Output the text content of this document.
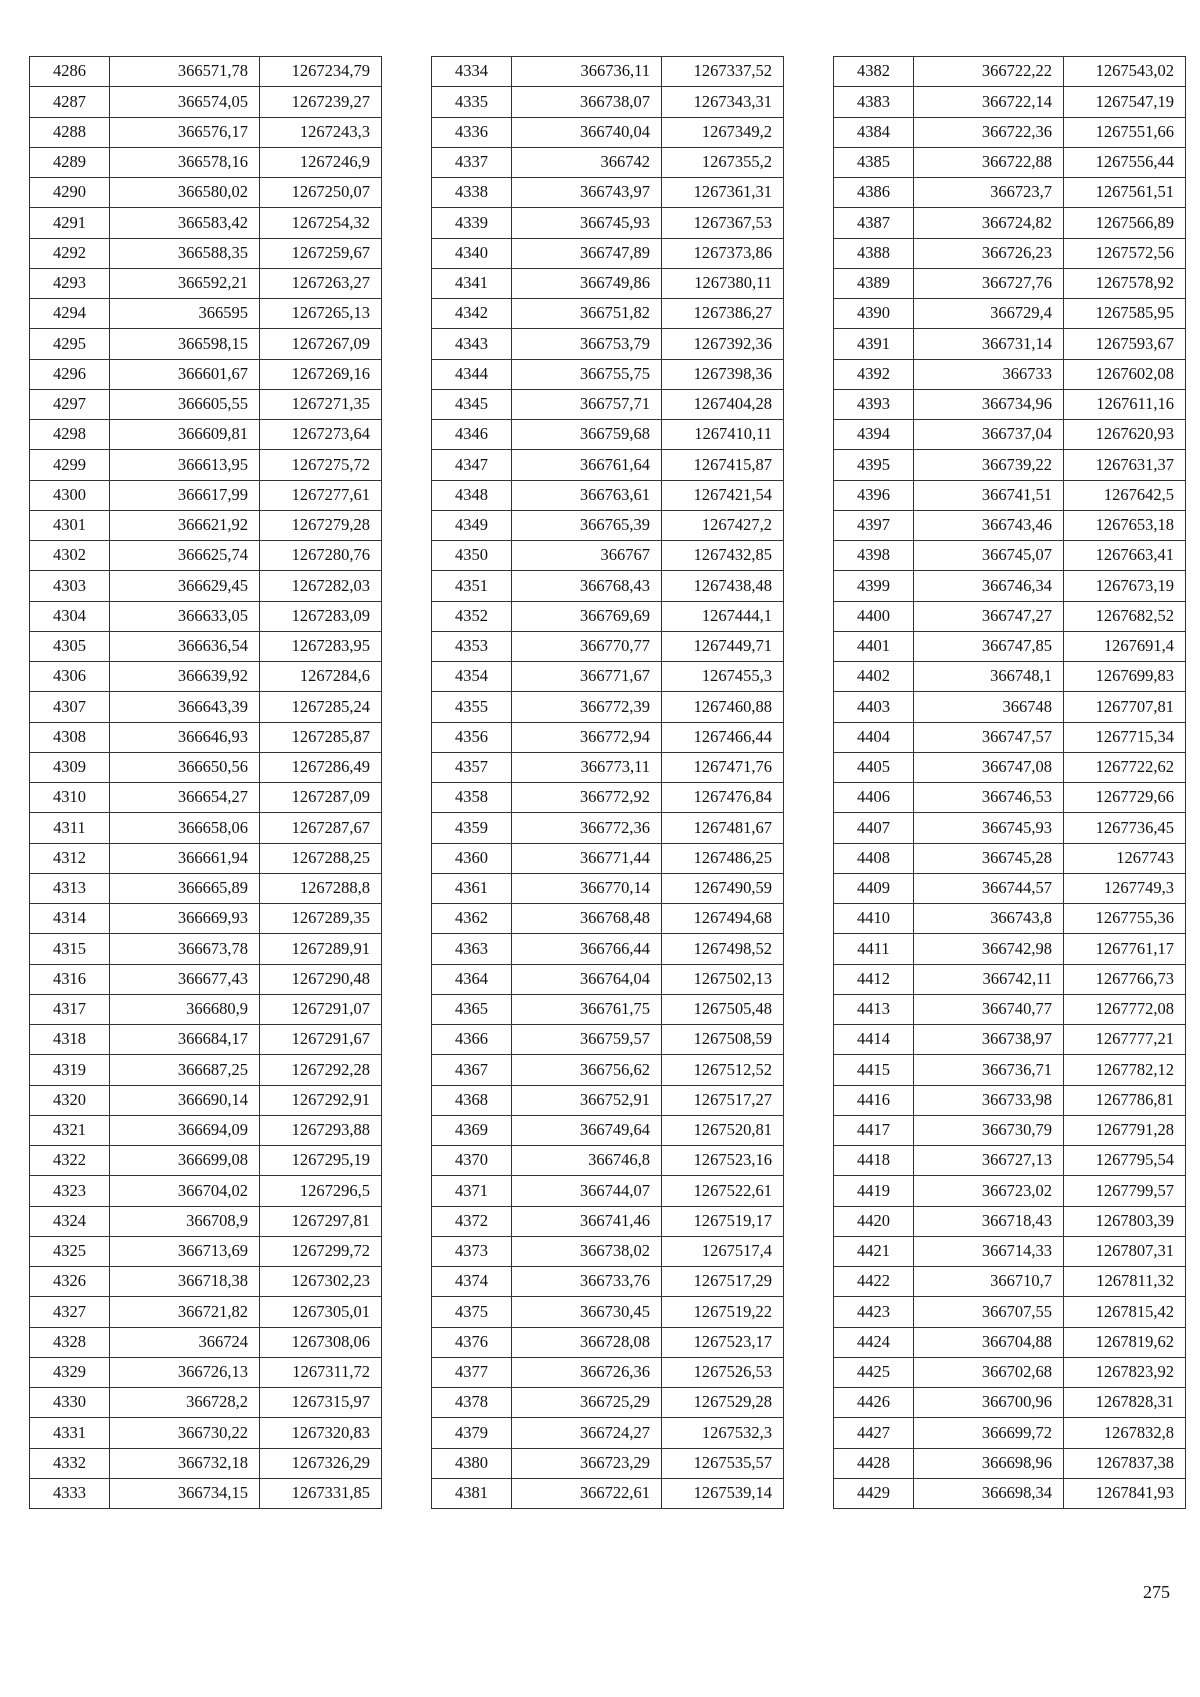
4286	366571,78	1267234,79
4287	366574,05	1267239,27
4288	366576,17	1267243,3
4289	366578,16	1267246,9
4290	366580,02	1267250,07
4291	366583,42	1267254,32
4292	366588,35	1267259,67
4293	366592,21	1267263,27
4294	366595	1267265,13
4295	366598,15	1267267,09
4296	366601,67	1267269,16
4297	366605,55	1267271,35
4298	366609,81	1267273,64
4299	366613,95	1267275,72
4300	366617,99	1267277,61
4301	366621,92	1267279,28
4302	366625,74	1267280,76
4303	366629,45	1267282,03
4304	366633,05	1267283,09
4305	366636,54	1267283,95
4306	366639,92	1267284,6
4307	366643,39	1267285,24
4308	366646,93	1267285,87
4309	366650,56	1267286,49
4310	366654,27	1267287,09
4311	366658,06	1267287,67
4312	366661,94	1267288,25
4313	366665,89	1267288,8
4314	366669,93	1267289,35
4315	366673,78	1267289,91
4316	366677,43	1267290,48
4317	366680,9	1267291,07
4318	366684,17	1267291,67
4319	366687,25	1267292,28
4320	366690,14	1267292,91
4321	366694,09	1267293,88
4322	366699,08	1267295,19
4323	366704,02	1267296,5
4324	366708,9	1267297,81
4325	366713,69	1267299,72
4326	366718,38	1267302,23
4327	366721,82	1267305,01
4328	366724	1267308,06
4329	366726,13	1267311,72
4330	366728,2	1267315,97
4331	366730,22	1267320,83
4332	366732,18	1267326,29
4333	366734,15	1267331,85
4334	366736,11	1267337,52
4335	366738,07	1267343,31
4336	366740,04	1267349,2
4337	366742	1267355,2
4338	366743,97	1267361,31
4339	366745,93	1267367,53
4340	366747,89	1267373,86
4341	366749,86	1267380,11
4342	366751,82	1267386,27
4343	366753,79	1267392,36
4344	366755,75	1267398,36
4345	366757,71	1267404,28
4346	366759,68	1267410,11
4347	366761,64	1267415,87
4348	366763,61	1267421,54
4349	366765,39	1267427,2
4350	366767	1267432,85
4351	366768,43	1267438,48
4352	366769,69	1267444,1
4353	366770,77	1267449,71
4354	366771,67	1267455,3
4355	366772,39	1267460,88
4356	366772,94	1267466,44
4357	366773,11	1267471,76
4358	366772,92	1267476,84
4359	366772,36	1267481,67
4360	366771,44	1267486,25
4361	366770,14	1267490,59
4362	366768,48	1267494,68
4363	366766,44	1267498,52
4364	366764,04	1267502,13
4365	366761,75	1267505,48
4366	366759,57	1267508,59
4367	366756,62	1267512,52
4368	366752,91	1267517,27
4369	366749,64	1267520,81
4370	366746,8	1267523,16
4371	366744,07	1267522,61
4372	366741,46	1267519,17
4373	366738,02	1267517,4
4374	366733,76	1267517,29
4375	366730,45	1267519,22
4376	366728,08	1267523,17
4377	366726,36	1267526,53
4378	366725,29	1267529,28
4379	366724,27	1267532,3
4380	366723,29	1267535,57
4381	366722,61	1267539,14
4382	366722,22	1267543,02
4383	366722,14	1267547,19
4384	366722,36	1267551,66
4385	366722,88	1267556,44
4386	366723,7	1267561,51
4387	366724,82	1267566,89
4388	366726,23	1267572,56
4389	366727,76	1267578,92
4390	366729,4	1267585,95
4391	366731,14	1267593,67
4392	366733	1267602,08
4393	366734,96	1267611,16
4394	366737,04	1267620,93
4395	366739,22	1267631,37
4396	366741,51	1267642,5
4397	366743,46	1267653,18
4398	366745,07	1267663,41
4399	366746,34	1267673,19
4400	366747,27	1267682,52
4401	366747,85	1267691,4
4402	366748,1	1267699,83
4403	366748	1267707,81
4404	366747,57	1267715,34
4405	366747,08	1267722,62
4406	366746,53	1267729,66
4407	366745,93	1267736,45
4408	366745,28	1267743
4409	366744,57	1267749,3
4410	366743,8	1267755,36
4411	366742,98	1267761,17
4412	366742,11	1267766,73
4413	366740,77	1267772,08
4414	366738,97	1267777,21
4415	366736,71	1267782,12
4416	366733,98	1267786,81
4417	366730,79	1267791,28
4418	366727,13	1267795,54
4419	366723,02	1267799,57
4420	366718,43	1267803,39
4421	366714,33	1267807,31
4422	366710,7	1267811,32
4423	366707,55	1267815,42
4424	366704,88	1267819,62
4425	366702,68	1267823,92
4426	366700,96	1267828,31
4427	366699,72	1267832,8
4428	366698,96	1267837,38
4429	366698,34	1267841,93
275
